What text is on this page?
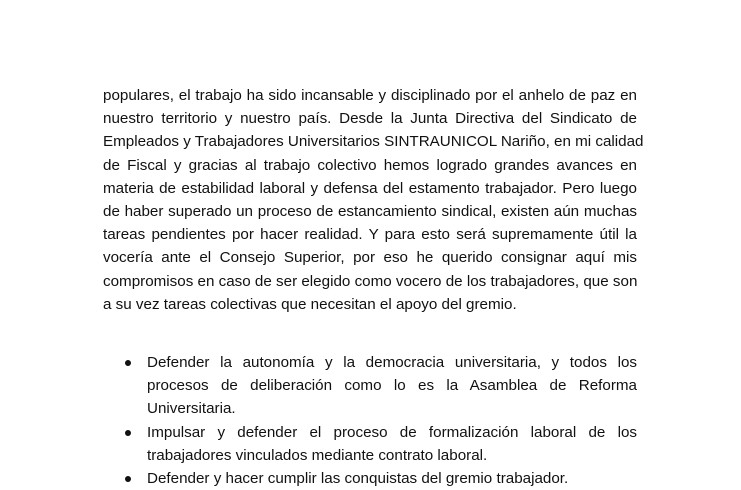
populares, el trabajo ha sido incansable y disciplinado por el anhelo de paz en
nuestro territorio y nuestro país. Desde la Junta Directiva del Sindicato de
Empleados y Trabajadores Universitarios SINTRAUNICOL Nariño, en mi calidad
de Fiscal y gracias al trabajo colectivo hemos logrado grandes avances en
materia de estabilidad laboral y defensa del estamento trabajador. Pero luego
de haber superado un proceso de estancamiento sindical, existen aún muchas
tareas pendientes por hacer realidad. Y para esto será supremamente útil la
vocería ante el Consejo Superior, por eso he querido consignar aquí mis
compromisos en caso de ser elegido como vocero de los trabajadores, que son
a su vez tareas colectivas que necesitan el apoyo del gremio.

Defender la autonomía y la democracia universitaria, y todos los
procesos de deliberación como lo es la Asamblea de Reforma
Universitaria.
Impulsar y defender el proceso de formalización laboral de los
trabajadores vinculados mediante contrato laboral.
Defender y hacer cumplir las conquistas del gremio trabajador.
